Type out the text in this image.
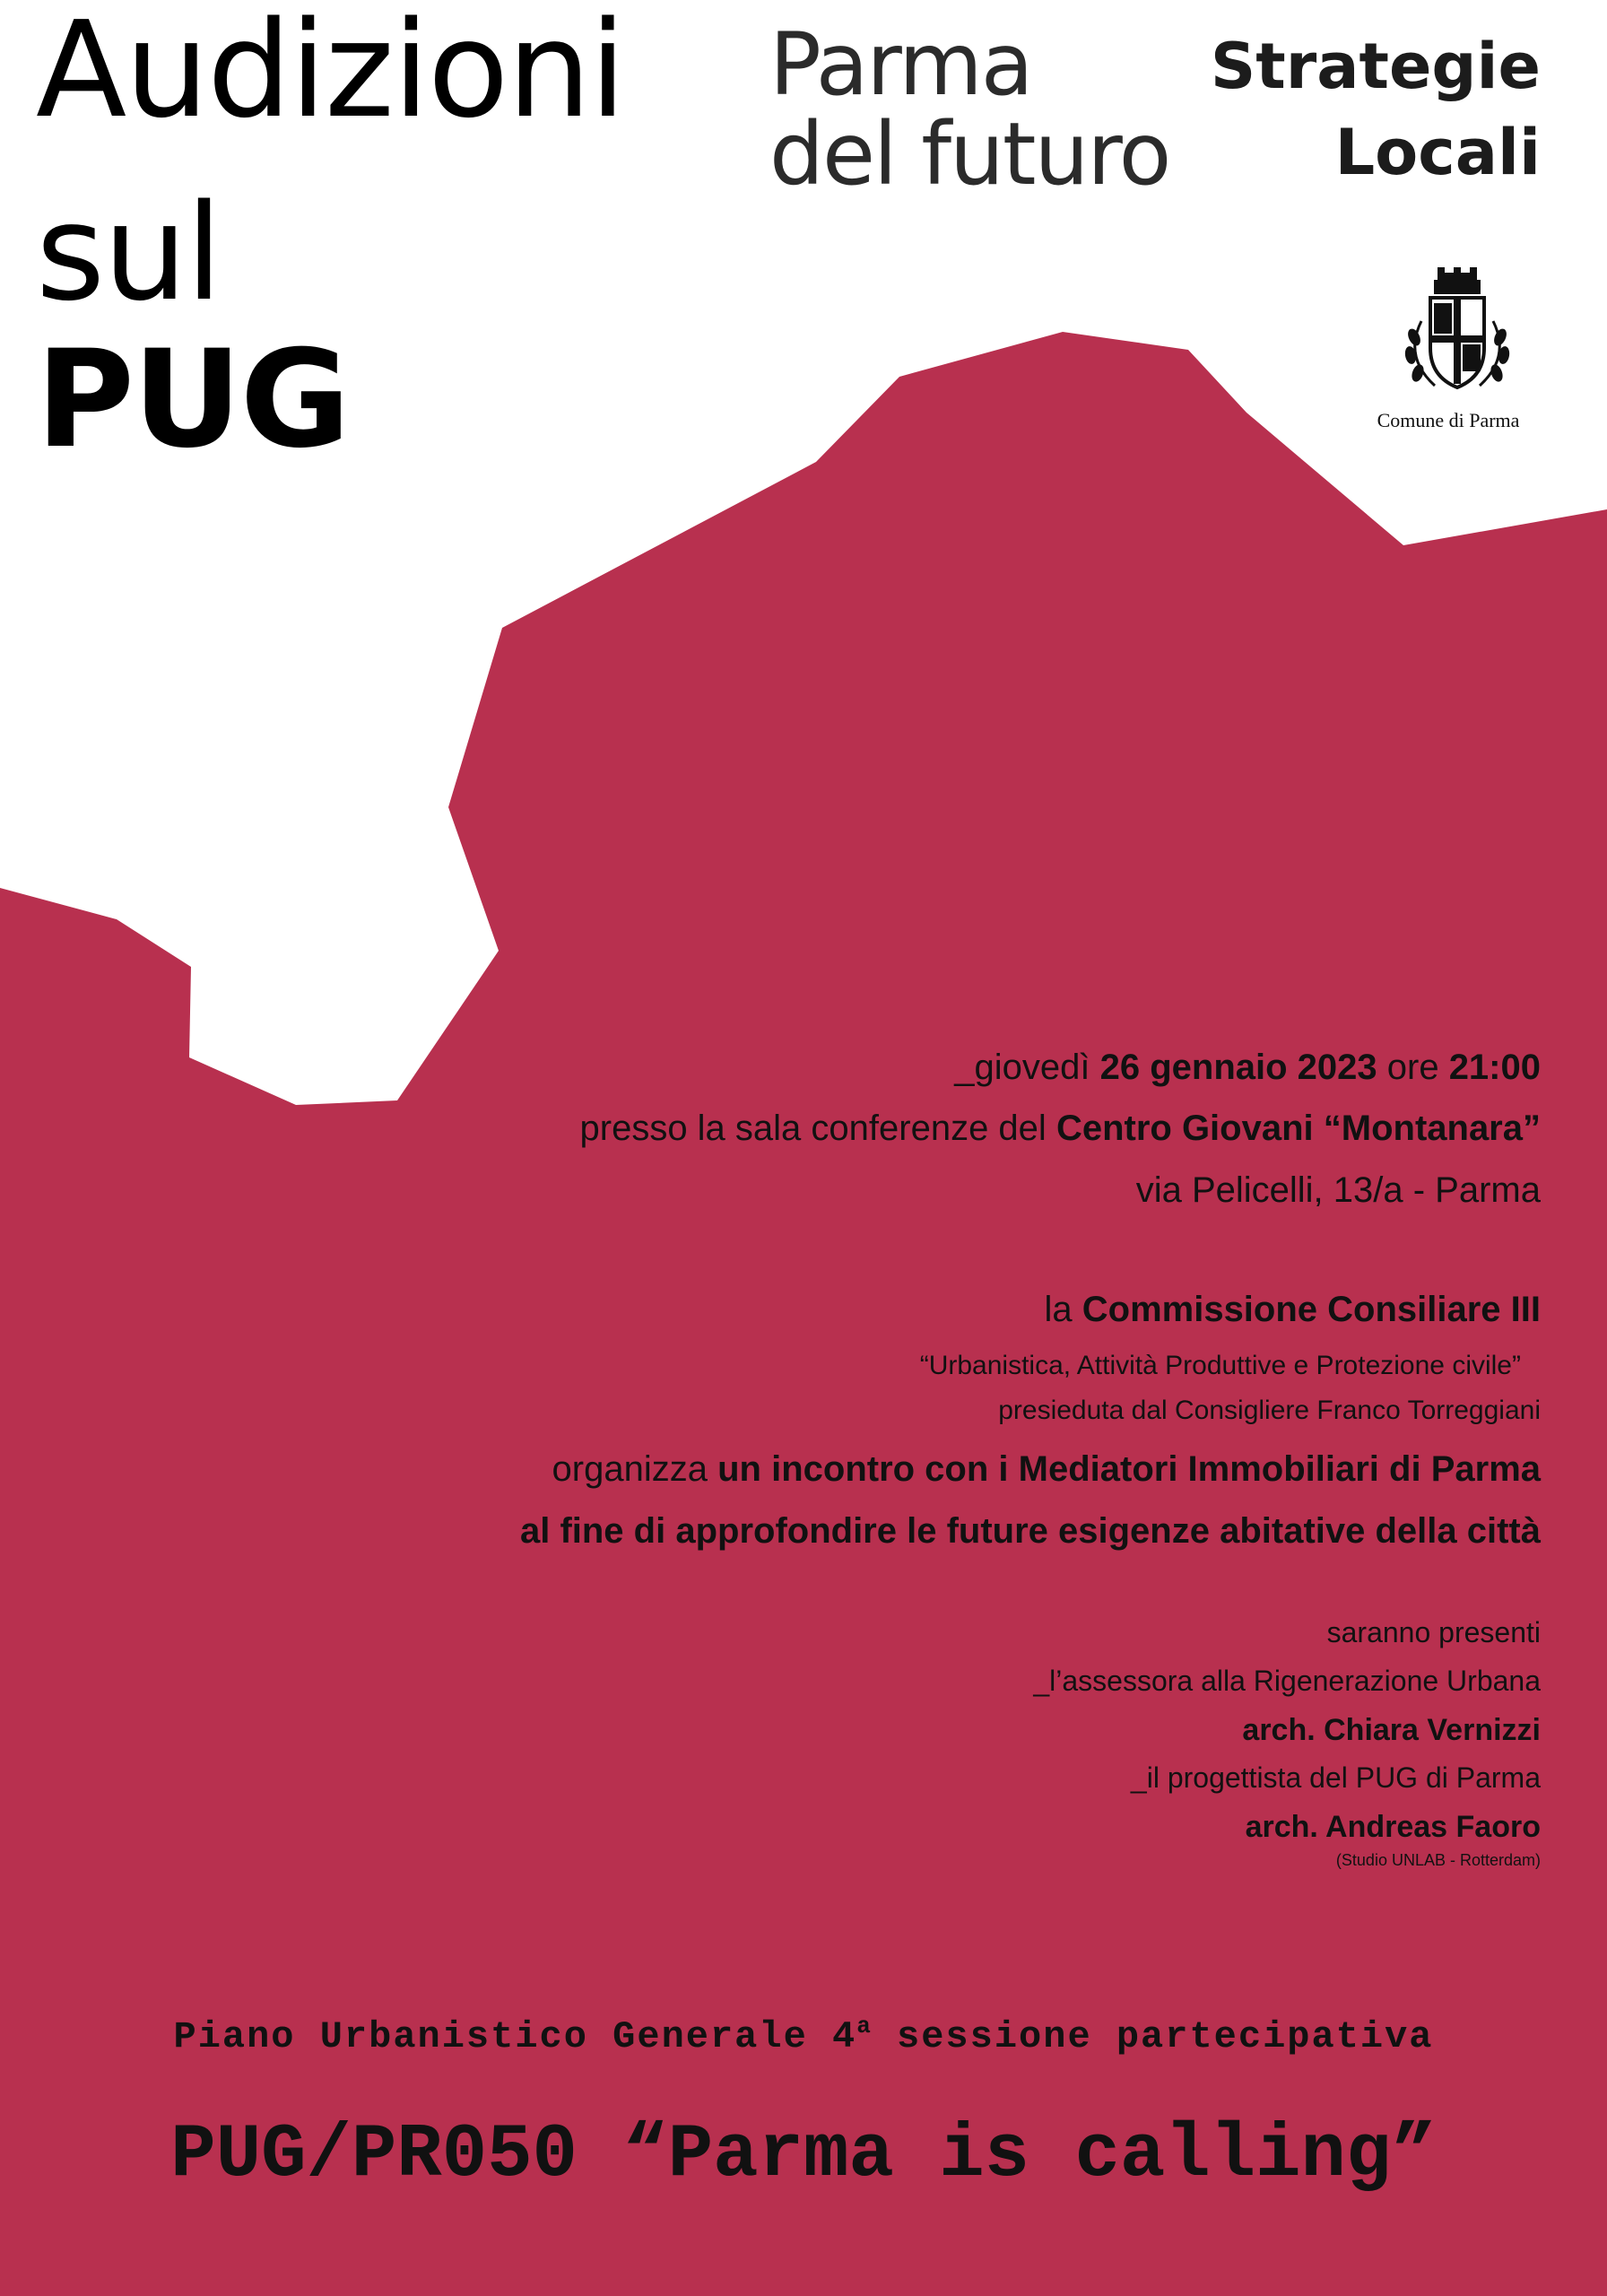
Audizioni
sul
PUG
Parma
del futuro
Strategie
Locali
Comune di Parma
_giovedì 26 gennaio 2023 ore 21:00
presso la sala conferenze del Centro Giovani “Montanara”
via Pelicelli, 13/a - Parma
la Commissione Consiliare III
“Urbanistica, Attività Produttive e Protezione civile”
presieduta dal Consigliere Franco Torreggiani
organizza un incontro con i Mediatori Immobiliari di Parma
al fine di approfondire le future esigenze abitative della città
saranno presenti
_l’assessora alla Rigenerazione Urbana
arch. Chiara Vernizzi
_il progettista del PUG di Parma
arch. Andreas Faoro
(Studio UNLAB - Rotterdam)
Piano Urbanistico Generale 4$^a$ sessione partecipativa
PUG/PR050 “Parma is calling”
